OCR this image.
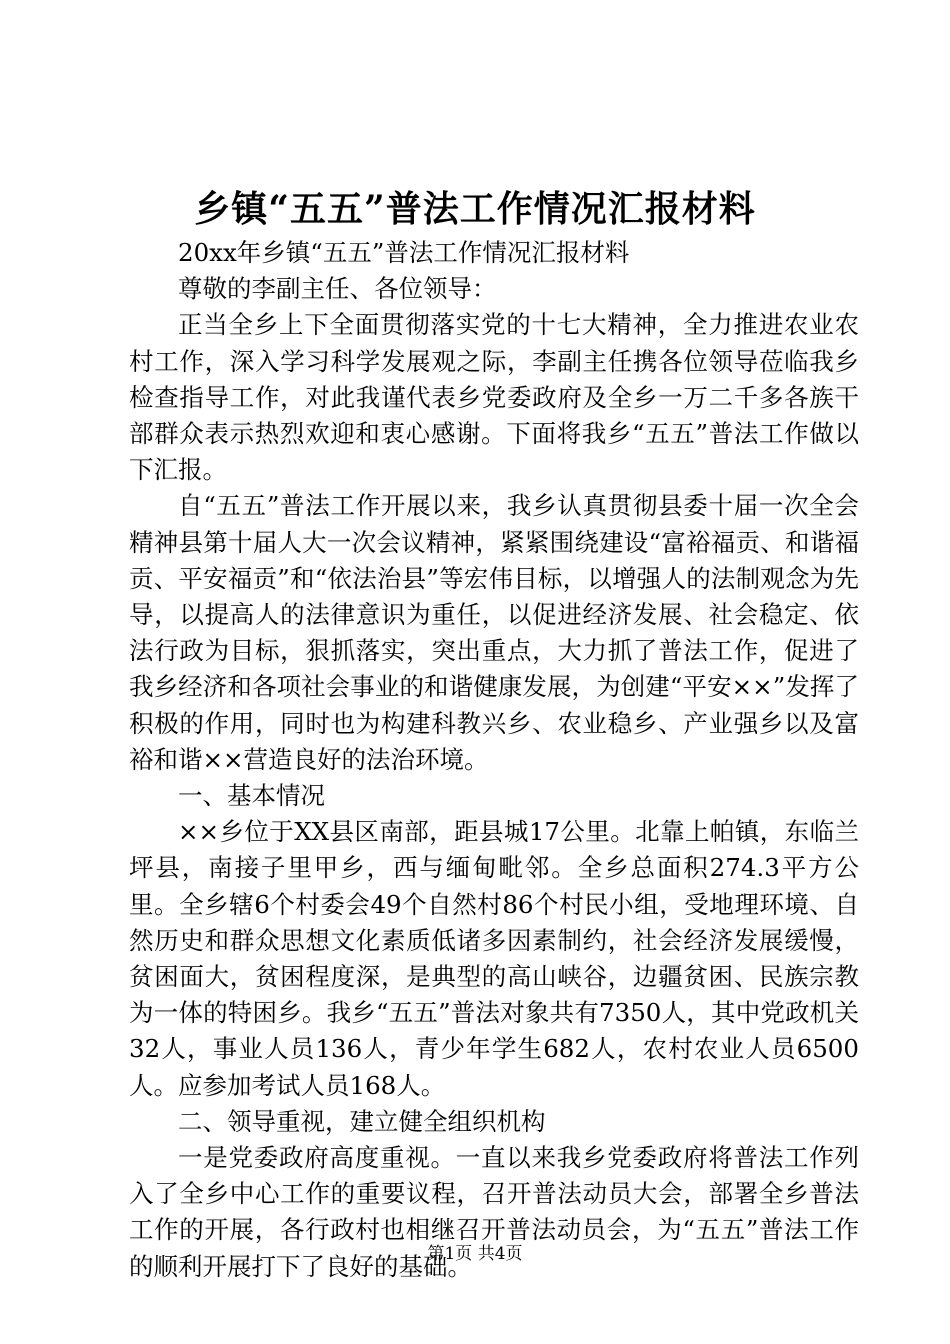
乡镇“五五”普法工作情况汇报材料

20xx年乡镇“五五”普法工作情况汇报材料

尊敬的李副主任、各位领导：

正当全乡上下全面贯彻落实党的十七大精神，全力推进农业农村工作，深入学习科学发展观之际，李副主任携各位领导莅临我乡检查指导工作，对此我谨代表乡党委政府及全乡一万二千多各族干部群众表示热烈欢迎和衷心感谢。下面将我乡“五五”普法工作做以下汇报。

自“五五”普法工作开展以来，我乡认真贯彻县委十届一次全会精神县第十届人大一次会议精神，紧紧围绕建设“富裕福贡、和谐福贡、平安福贡”和“依法治县”等宏伟目标，以增强人的法制观念为先导，以提高人的法律意识为重任，以促进经济发展、社会稳定、依法行政为目标，狠抓落实，突出重点，大力抓了普法工作，促进了我乡经济和各项社会事业的和谐健康发展，为创建“平安××”发挥了积极的作用，同时也为构建科教兴乡、农业稳乡、产业强乡以及富裕和谐××营造良好的法治环境。

一、基本情况

××乡位于XX县区南部，距县城17公里。北靠上帕镇，东临兰坪县，南接子里甲乡，西与缅甸毗邻。全乡总面积274.3平方公里。全乡辖6个村委会49个自然村86个村民小组，受地理环境、自然历史和群众思想文化素质低诸多因素制约，社会经济发展缓慢，贫困面大，贫困程度深，是典型的高山峡谷，边疆贫困、民族宗教为一体的特困乡。我乡“五五”普法对象共有7350人，其中党政机关32人，事业人员136人，青少年学生682人，农村农业人员6500人。应参加考试人员168人。

二、领导重视，建立健全组织机构

一是党委政府高度重视。一直以来我乡党委政府将普法工作列入了全乡中心工作的重要议程，召开普法动员大会，部署全乡普法工作的开展，各行政村也相继召开普法动员会，为“五五”普法工作的顺利开展打下了良好的基础。

第1页 共4页
